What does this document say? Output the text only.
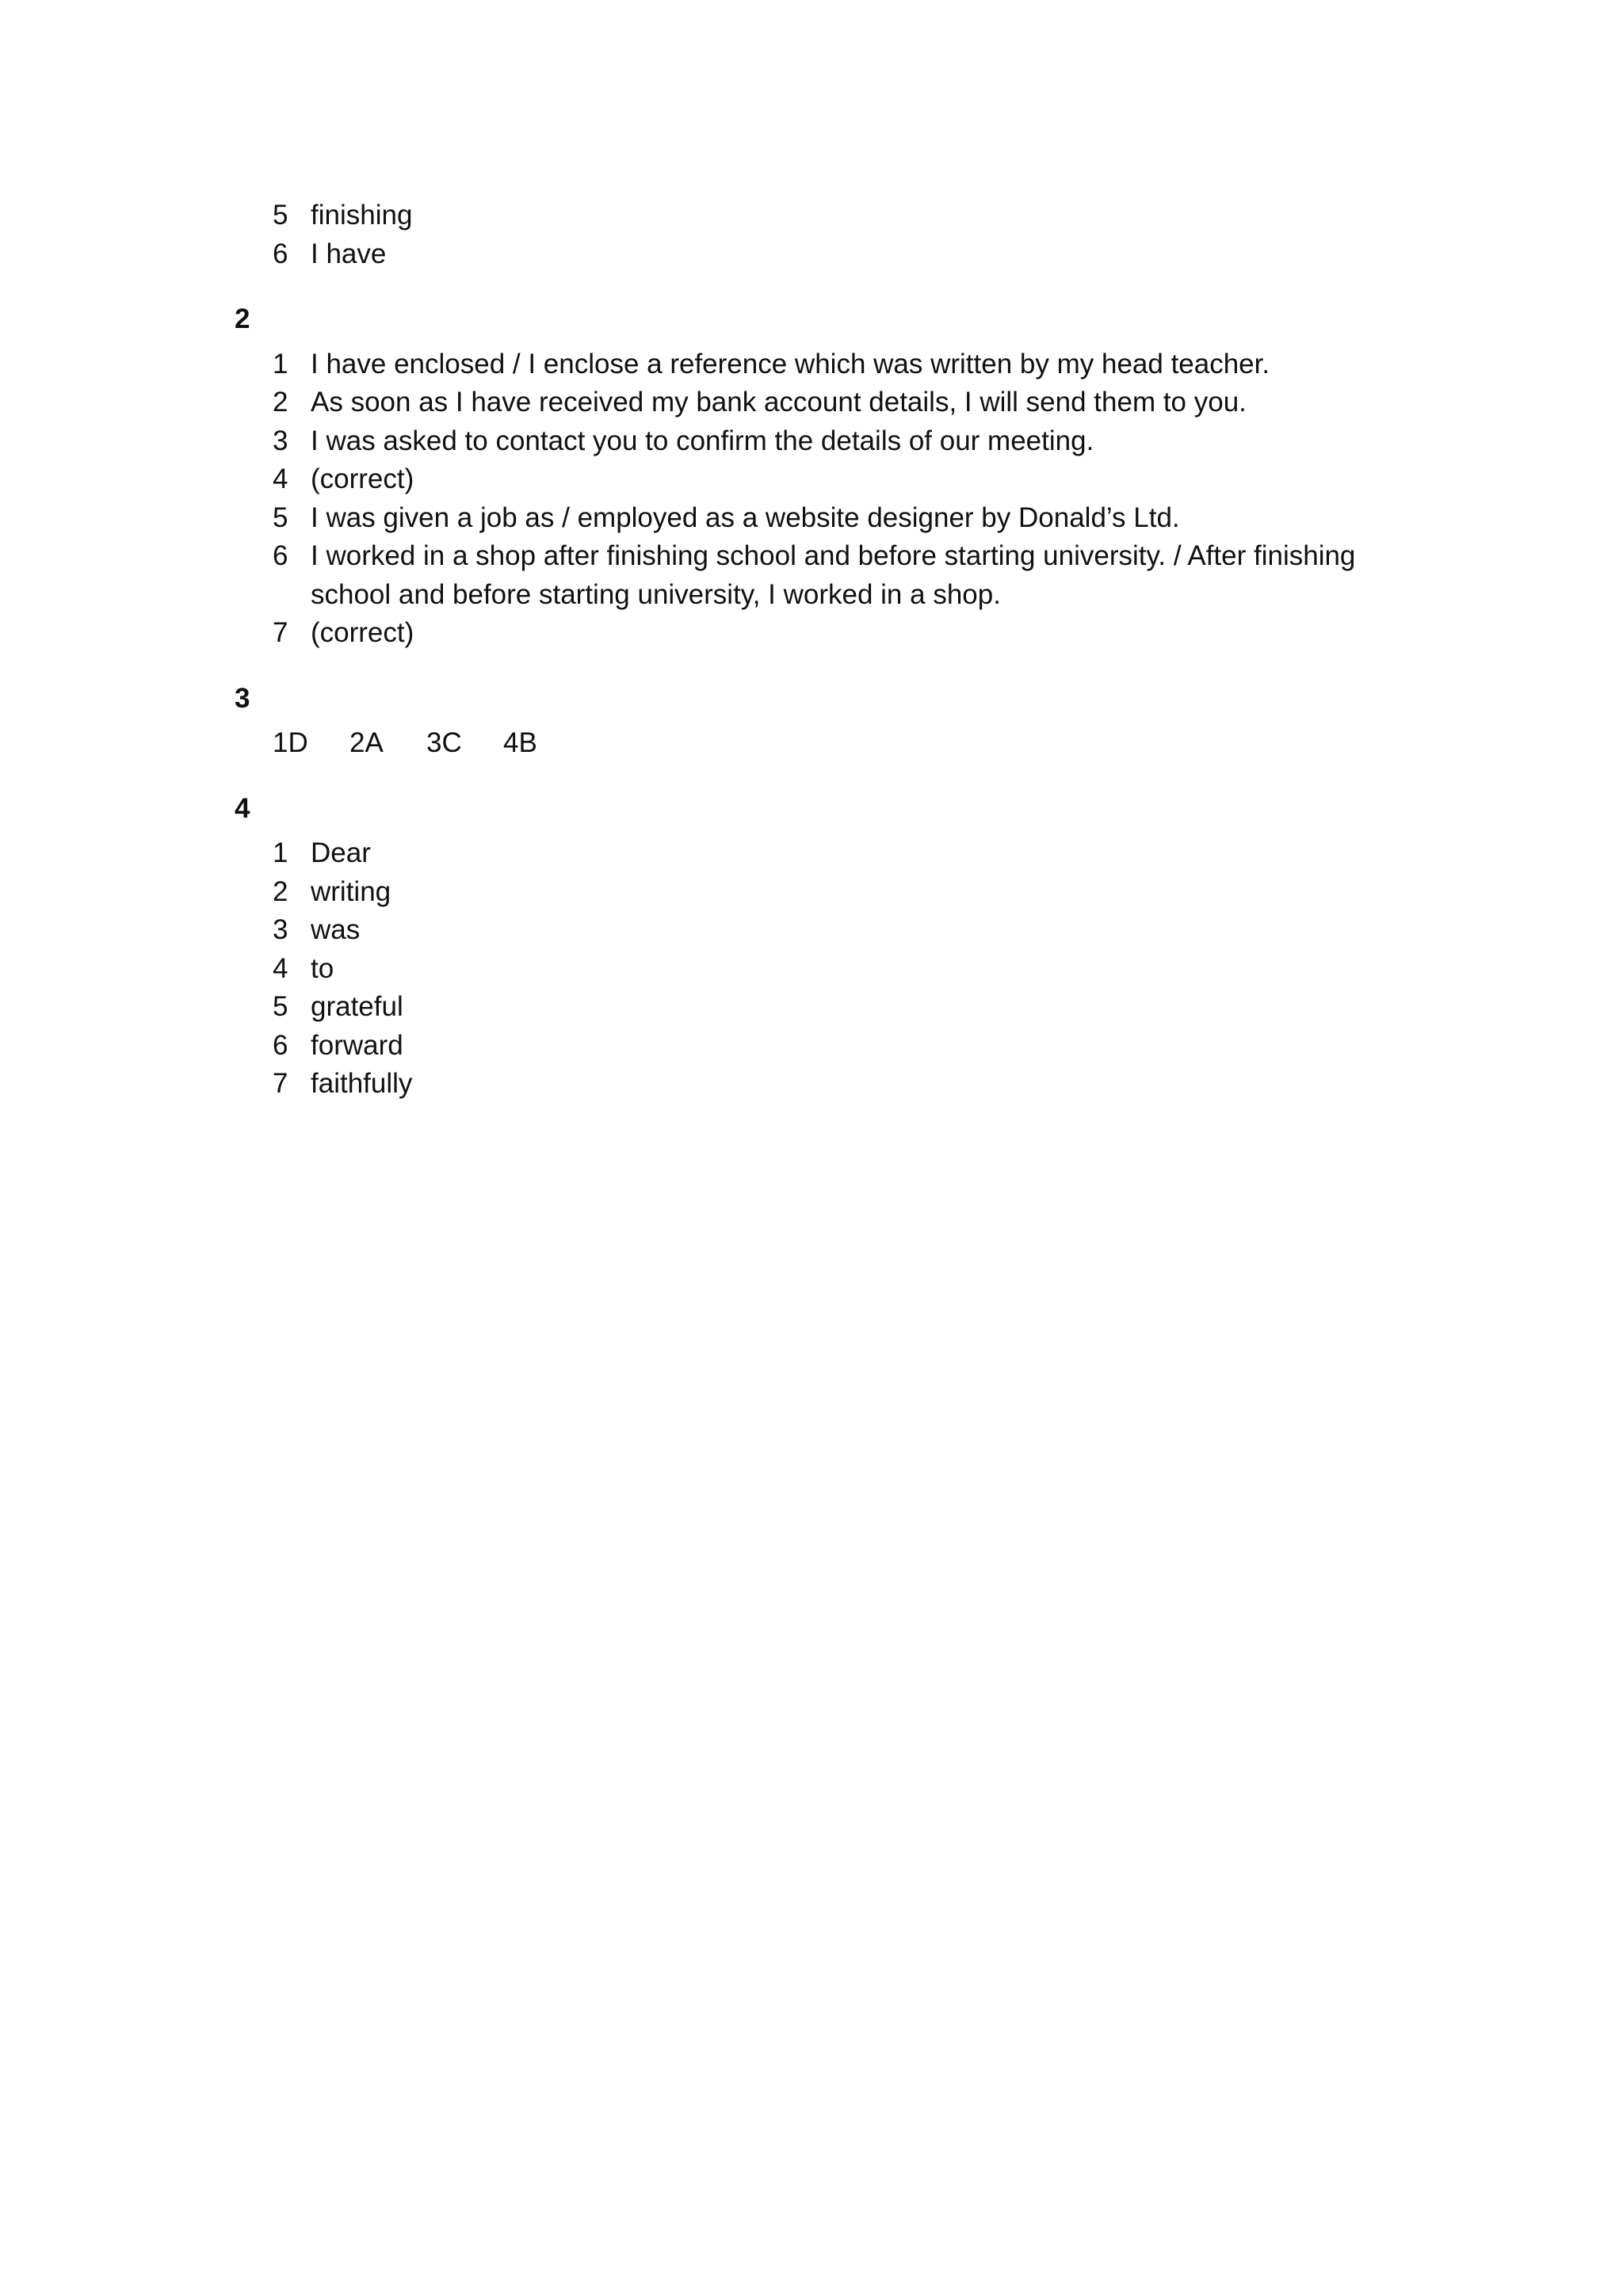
5 finishing
6 I have
2
1 I have enclosed / I enclose a reference which was written by my head teacher.
2 As soon as I have received my bank account details, I will send them to you.
3 I was asked to contact you to confirm the details of our meeting.
4 (correct)
5 I was given a job as / employed as a website designer by Donald’s Ltd.
6 I worked in a shop after finishing school and before starting university. / After finishing school and before starting university, I worked in a shop.
7 (correct)
3
1D	2A	3C	4B
4
1 Dear
2 writing
3 was
4 to
5 grateful
6 forward
7 faithfully
